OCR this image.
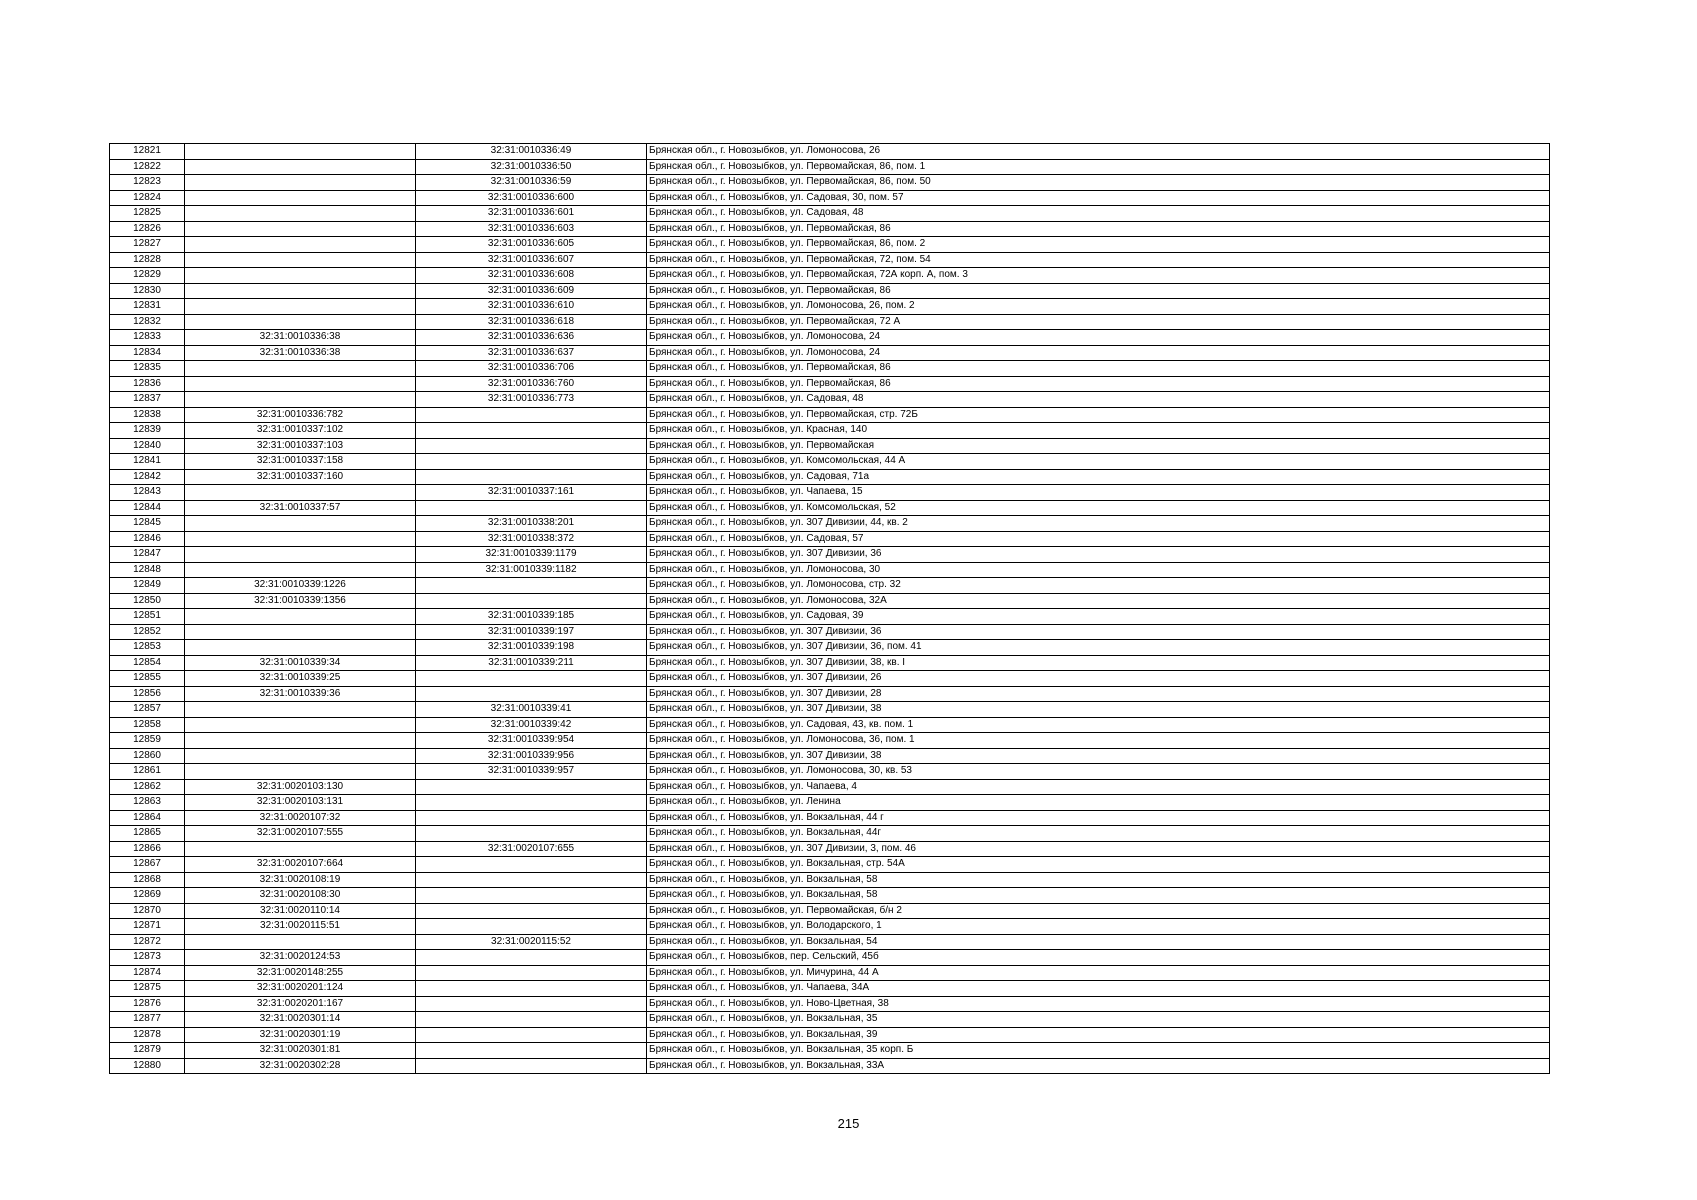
12821		32:31:0010336:49	Брянская обл., г. Новозыбков, ул. Ломоносова, 26
12822		32:31:0010336:50	Брянская обл., г. Новозыбков, ул. Первомайская, 86, пом. 1
12823		32:31:0010336:59	Брянская обл., г. Новозыбков, ул. Первомайская, 86, пом. 50
12824		32:31:0010336:600	Брянская обл., г. Новозыбков, ул. Садовая, 30, пом. 57
12825		32:31:0010336:601	Брянская обл., г. Новозыбков, ул. Садовая, 48
12826		32:31:0010336:603	Брянская обл., г. Новозыбков, ул. Первомайская, 86
12827		32:31:0010336:605	Брянская обл., г. Новозыбков, ул. Первомайская, 86, пом. 2
12828		32:31:0010336:607	Брянская обл., г. Новозыбков, ул. Первомайская, 72, пом. 54
12829		32:31:0010336:608	Брянская обл., г. Новозыбков, ул. Первомайская, 72А корп. А, пом. 3
12830		32:31:0010336:609	Брянская обл., г. Новозыбков, ул. Первомайская, 86
12831		32:31:0010336:610	Брянская обл., г. Новозыбков, ул. Ломоносова, 26, пом. 2
12832		32:31:0010336:618	Брянская обл., г. Новозыбков, ул. Первомайская, 72 А
12833	32:31:0010336:38	32:31:0010336:636	Брянская обл., г. Новозыбков, ул. Ломоносова, 24
12834	32:31:0010336:38	32:31:0010336:637	Брянская обл., г. Новозыбков, ул. Ломоносова, 24
12835		32:31:0010336:706	Брянская обл., г. Новозыбков, ул. Первомайская, 86
12836		32:31:0010336:760	Брянская обл., г. Новозыбков, ул. Первомайская, 86
12837		32:31:0010336:773	Брянская обл., г. Новозыбков, ул. Садовая, 48
12838	32:31:0010336:782		Брянская обл., г. Новозыбков, ул. Первомайская, стр. 72Б
12839	32:31:0010337:102		Брянская обл., г. Новозыбков, ул. Красная, 140
12840	32:31:0010337:103		Брянская обл., г. Новозыбков, ул. Первомайская
12841	32:31:0010337:158		Брянская обл., г. Новозыбков, ул. Комсомольская, 44 А
12842	32:31:0010337:160		Брянская обл., г. Новозыбков, ул. Садовая, 71а
12843		32:31:0010337:161	Брянская обл., г. Новозыбков, ул. Чапаева, 15
12844	32:31:0010337:57		Брянская обл., г. Новозыбков, ул. Комсомольская, 52
12845		32:31:0010338:201	Брянская обл., г. Новозыбков, ул. 307 Дивизии, 44, кв. 2
12846		32:31:0010338:372	Брянская обл., г. Новозыбков, ул. Садовая, 57
12847		32:31:0010339:1179	Брянская обл., г. Новозыбков, ул. 307 Дивизии, 36
12848		32:31:0010339:1182	Брянская обл., г. Новозыбков, ул. Ломоносова, 30
12849	32:31:0010339:1226		Брянская обл., г. Новозыбков, ул. Ломоносова, стр. 32
12850	32:31:0010339:1356		Брянская обл., г. Новозыбков, ул. Ломоносова, 32А
12851		32:31:0010339:185	Брянская обл., г. Новозыбков, ул. Садовая, 39
12852		32:31:0010339:197	Брянская обл., г. Новозыбков, ул. 307 Дивизии, 36
12853		32:31:0010339:198	Брянская обл., г. Новозыбков, ул. 307 Дивизии, 36, пом. 41
12854	32:31:0010339:34	32:31:0010339:211	Брянская обл., г. Новозыбков, ул. 307 Дивизии, 38, кв. I
12855	32:31:0010339:25		Брянская обл., г. Новозыбков, ул. 307 Дивизии, 26
12856	32:31:0010339:36		Брянская обл., г. Новозыбков, ул. 307 Дивизии, 28
12857		32:31:0010339:41	Брянская обл., г. Новозыбков, ул. 307 Дивизии, 38
12858		32:31:0010339:42	Брянская обл., г. Новозыбков, ул. Садовая, 43, кв. пом. 1
12859		32:31:0010339:954	Брянская обл., г. Новозыбков, ул. Ломоносова, 36, пом. 1
12860		32:31:0010339:956	Брянская обл., г. Новозыбков, ул. 307 Дивизии, 38
12861		32:31:0010339:957	Брянская обл., г. Новозыбков, ул. Ломоносова, 30, кв. 53
12862	32:31:0020103:130		Брянская обл., г. Новозыбков, ул. Чапаева, 4
12863	32:31:0020103:131		Брянская обл., г. Новозыбков, ул. Ленина
12864	32:31:0020107:32		Брянская обл., г. Новозыбков, ул. Вокзальная, 44 г
12865	32:31:0020107:555		Брянская обл., г. Новозыбков, ул. Вокзальная, 44г
12866		32:31:0020107:655	Брянская обл., г. Новозыбков, ул. 307 Дивизии, 3, пом. 46
12867	32:31:0020107:664		Брянская обл., г. Новозыбков, ул. Вокзальная, стр. 54А
12868	32:31:0020108:19		Брянская обл., г. Новозыбков, ул. Вокзальная, 58
12869	32:31:0020108:30		Брянская обл., г. Новозыбков, ул. Вокзальная, 58
12870	32:31:0020110:14		Брянская обл., г. Новозыбков, ул. Первомайская, б/н 2
12871	32:31:0020115:51		Брянская обл., г. Новозыбков, ул. Володарского, 1
12872		32:31:0020115:52	Брянская обл., г. Новозыбков, ул. Вокзальная, 54
12873	32:31:0020124:53		Брянская обл., г. Новозыбков, пер. Сельский, 45б
12874	32:31:0020148:255		Брянская обл., г. Новозыбков, ул. Мичурина, 44 А
12875	32:31:0020201:124		Брянская обл., г. Новозыбков, ул. Чапаева, 34А
12876	32:31:0020201:167		Брянская обл., г. Новозыбков, ул. Ново-Цветная, 38
12877	32:31:0020301:14		Брянская обл., г. Новозыбков, ул. Вокзальная, 35
12878	32:31:0020301:19		Брянская обл., г. Новозыбков, ул. Вокзальная, 39
12879	32:31:0020301:81		Брянская обл., г. Новозыбков, ул. Вокзальная, 35 корп. Б
12880	32:31:0020302:28		Брянская обл., г. Новозыбков, ул. Вокзальная, 33А
215
